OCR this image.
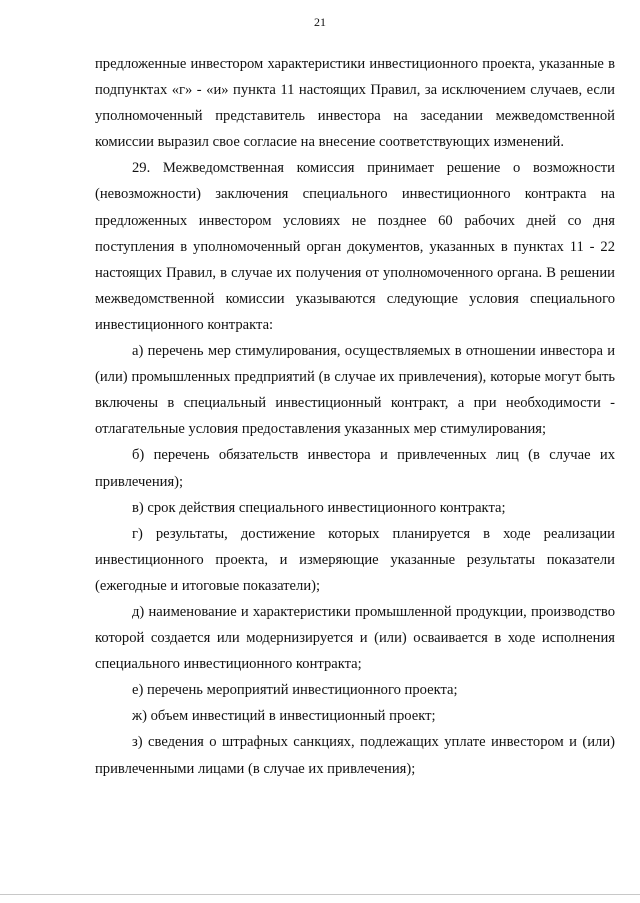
21

предложенные инвестором характеристики инвестиционного проекта, указанные в подпунктах «г» - «и» пункта 11 настоящих Правил, за исключением случаев, если уполномоченный представитель инвестора на заседании межведомственной комиссии выразил свое согласие на внесение соответствующих изменений.

29. Межведомственная комиссия принимает решение о возможности (невозможности) заключения специального инвестиционного контракта на предложенных инвестором условиях не позднее 60 рабочих дней со дня поступления в уполномоченный орган документов, указанных в пунктах 11 - 22 настоящих Правил, в случае их получения от уполномоченного органа. В решении межведомственной комиссии указываются следующие условия специального инвестиционного контракта:

а) перечень мер стимулирования, осуществляемых в отношении инвестора и (или) промышленных предприятий (в случае их привлечения), которые могут быть включены в специальный инвестиционный контракт, а при необходимости - отлагательные условия предоставления указанных мер стимулирования;

б) перечень обязательств инвестора и привлеченных лиц (в случае их привлечения);

в) срок действия специального инвестиционного контракта;

г) результаты, достижение которых планируется в ходе реализации инвестиционного проекта, и измеряющие указанные результаты показатели (ежегодные и итоговые показатели);

д) наименование и характеристики промышленной продукции, производство которой создается или модернизируется и (или) осваивается в ходе исполнения специального инвестиционного контракта;

е) перечень мероприятий инвестиционного проекта;

ж) объем инвестиций в инвестиционный проект;

з) сведения о штрафных санкциях, подлежащих уплате инвестором и (или) привлеченными лицами (в случае их привлечения);
